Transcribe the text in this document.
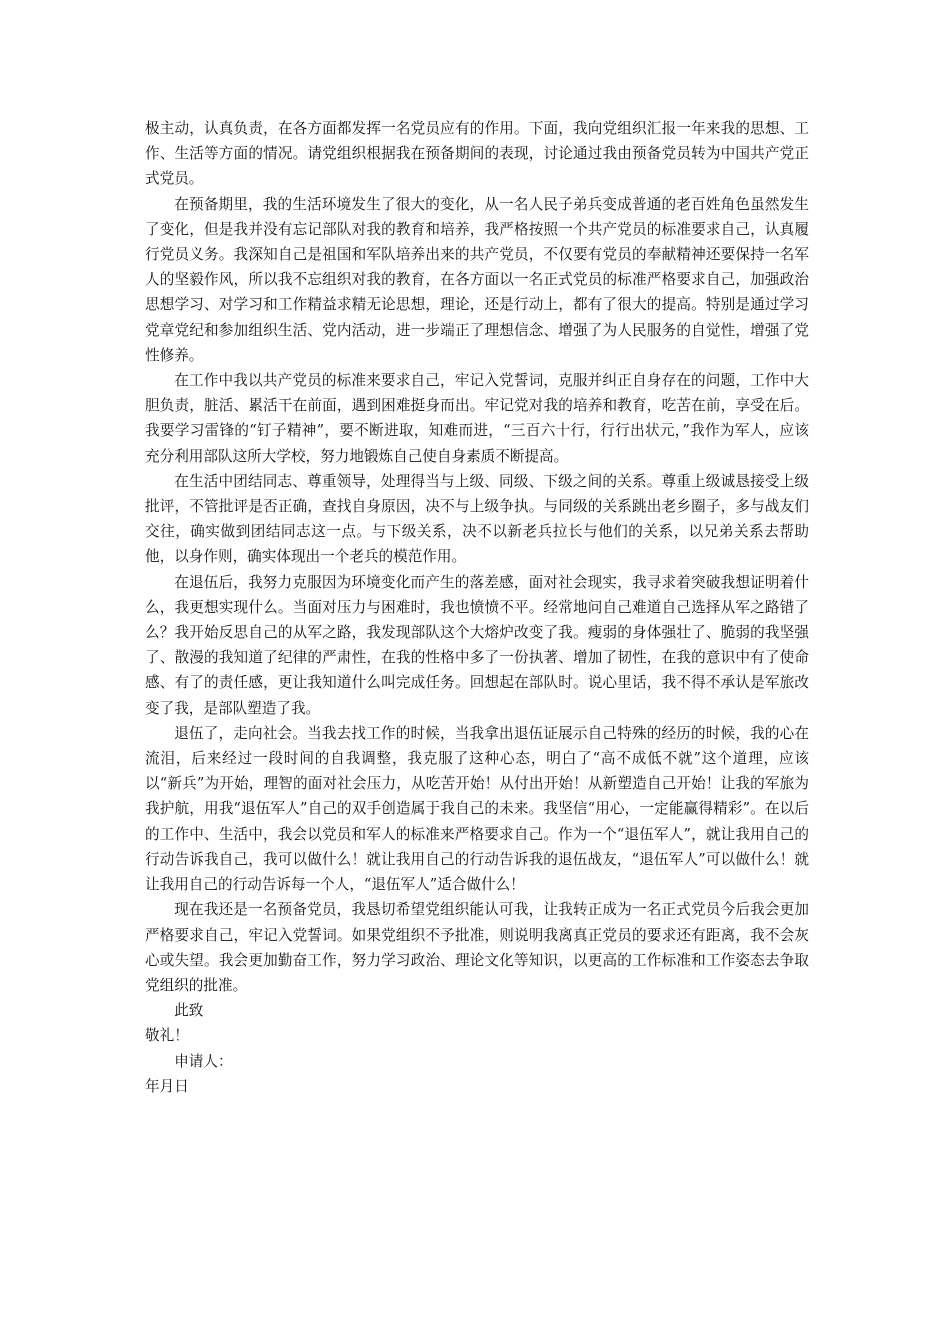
极主动，认真负责，在各方面都发挥一名党员应有的作用。下面，我向党组织汇报一年来我的思想、工作、生活等方面的情况。请党组织根据我在预备期间的表现，讨论通过我由预备党员转为中国共产党正式党员。

在预备期里，我的生活环境发生了很大的变化，从一名人民子弟兵变成普通的老百姓角色虽然发生了变化，但是我并没有忘记部队对我的教育和培养，我严格按照一个共产党员的标准要求自己，认真履行党员义务。我深知自己是祖国和军队培养出来的共产党员，不仅要有党员的奉献精神还要保持一名军人的坚毅作风，所以我不忘组织对我的教育，在各方面以一名正式党员的标准严格要求自己，加强政治思想学习、对学习和工作精益求精无论思想，理论，还是行动上，都有了很大的提高。特别是通过学习党章党纪和参加组织生活、党内活动，进一步端正了理想信念、增强了为人民服务的自觉性，增强了党性修养。

在工作中我以共产党员的标准来要求自己，牢记入党誓词，克服并纠正自身存在的问题，工作中大胆负责，脏活、累活干在前面，遇到困难挺身而出。牢记党对我的培养和教育，吃苦在前，享受在后。我要学习雷锋的“钉子精神”，要不断进取，知难而进，“三百六十行，行行出状元，”我作为军人，应该充分利用部队这所大学校，努力地锻炼自己使自身素质不断提高。

在生活中团结同志、尊重领导，处理得当与上级、同级、下级之间的关系。尊重上级诚恳接受上级批评，不管批评是否正确，查找自身原因，决不与上级争执。与同级的关系跳出老乡圈子，多与战友们交往，确实做到团结同志这一点。与下级关系，决不以新老兵拉长与他们的关系，以兄弟关系去帮助他，以身作则，确实体现出一个老兵的模范作用。

在退伍后，我努力克服因为环境变化而产生的落差感，面对社会现实，我寻求着突破我想证明着什么，我更想实现什么。当面对压力与困难时，我也愤愤不平。经常地问自己难道自己选择从军之路错了么？我开始反思自己的从军之路，我发现部队这个大熔炉改变了我。瘦弱的身体强壮了、脆弱的我坚强了、散漫的我知道了纪律的严肃性，在我的性格中多了一份执著、增加了韧性，在我的意识中有了使命感、有了的责任感，更让我知道什么叫完成任务。回想起在部队时。说心里话，我不得不承认是军旅改变了我，是部队塑造了我。

退伍了，走向社会。当我去找工作的时候，当我拿出退伍证展示自己特殊的经历的时候，我的心在流泪，后来经过一段时间的自我调整，我克服了这种心态，明白了“高不成低不就”这个道理，应该以“新兵”为开始，理智的面对社会压力，从吃苦开始！从付出开始！从新塑造自己开始！让我的军旅为我护航，用我“退伍军人”自己的双手创造属于我自己的未来。我坚信“用心，一定能赢得精彩”。在以后的工作中、生活中，我会以党员和军人的标准来严格要求自己。作为一个“退伍军人”，就让我用自己的行动告诉我自己，我可以做什么！就让我用自己的行动告诉我的退伍战友，“退伍军人”可以做什么！就让我用自己的行动告诉每一个人，“退伍军人”适合做什么！

现在我还是一名预备党员，我恳切希望党组织能认可我，让我转正成为一名正式党员今后我会更加严格要求自己，牢记入党誓词。如果党组织不予批准，则说明我离真正党员的要求还有距离，我不会灰心或失望。我会更加勤奋工作，努力学习政治、理论文化等知识，以更高的工作标准和工作姿态去争取党组织的批准。

此致

敬礼！

申请人：

年月日
